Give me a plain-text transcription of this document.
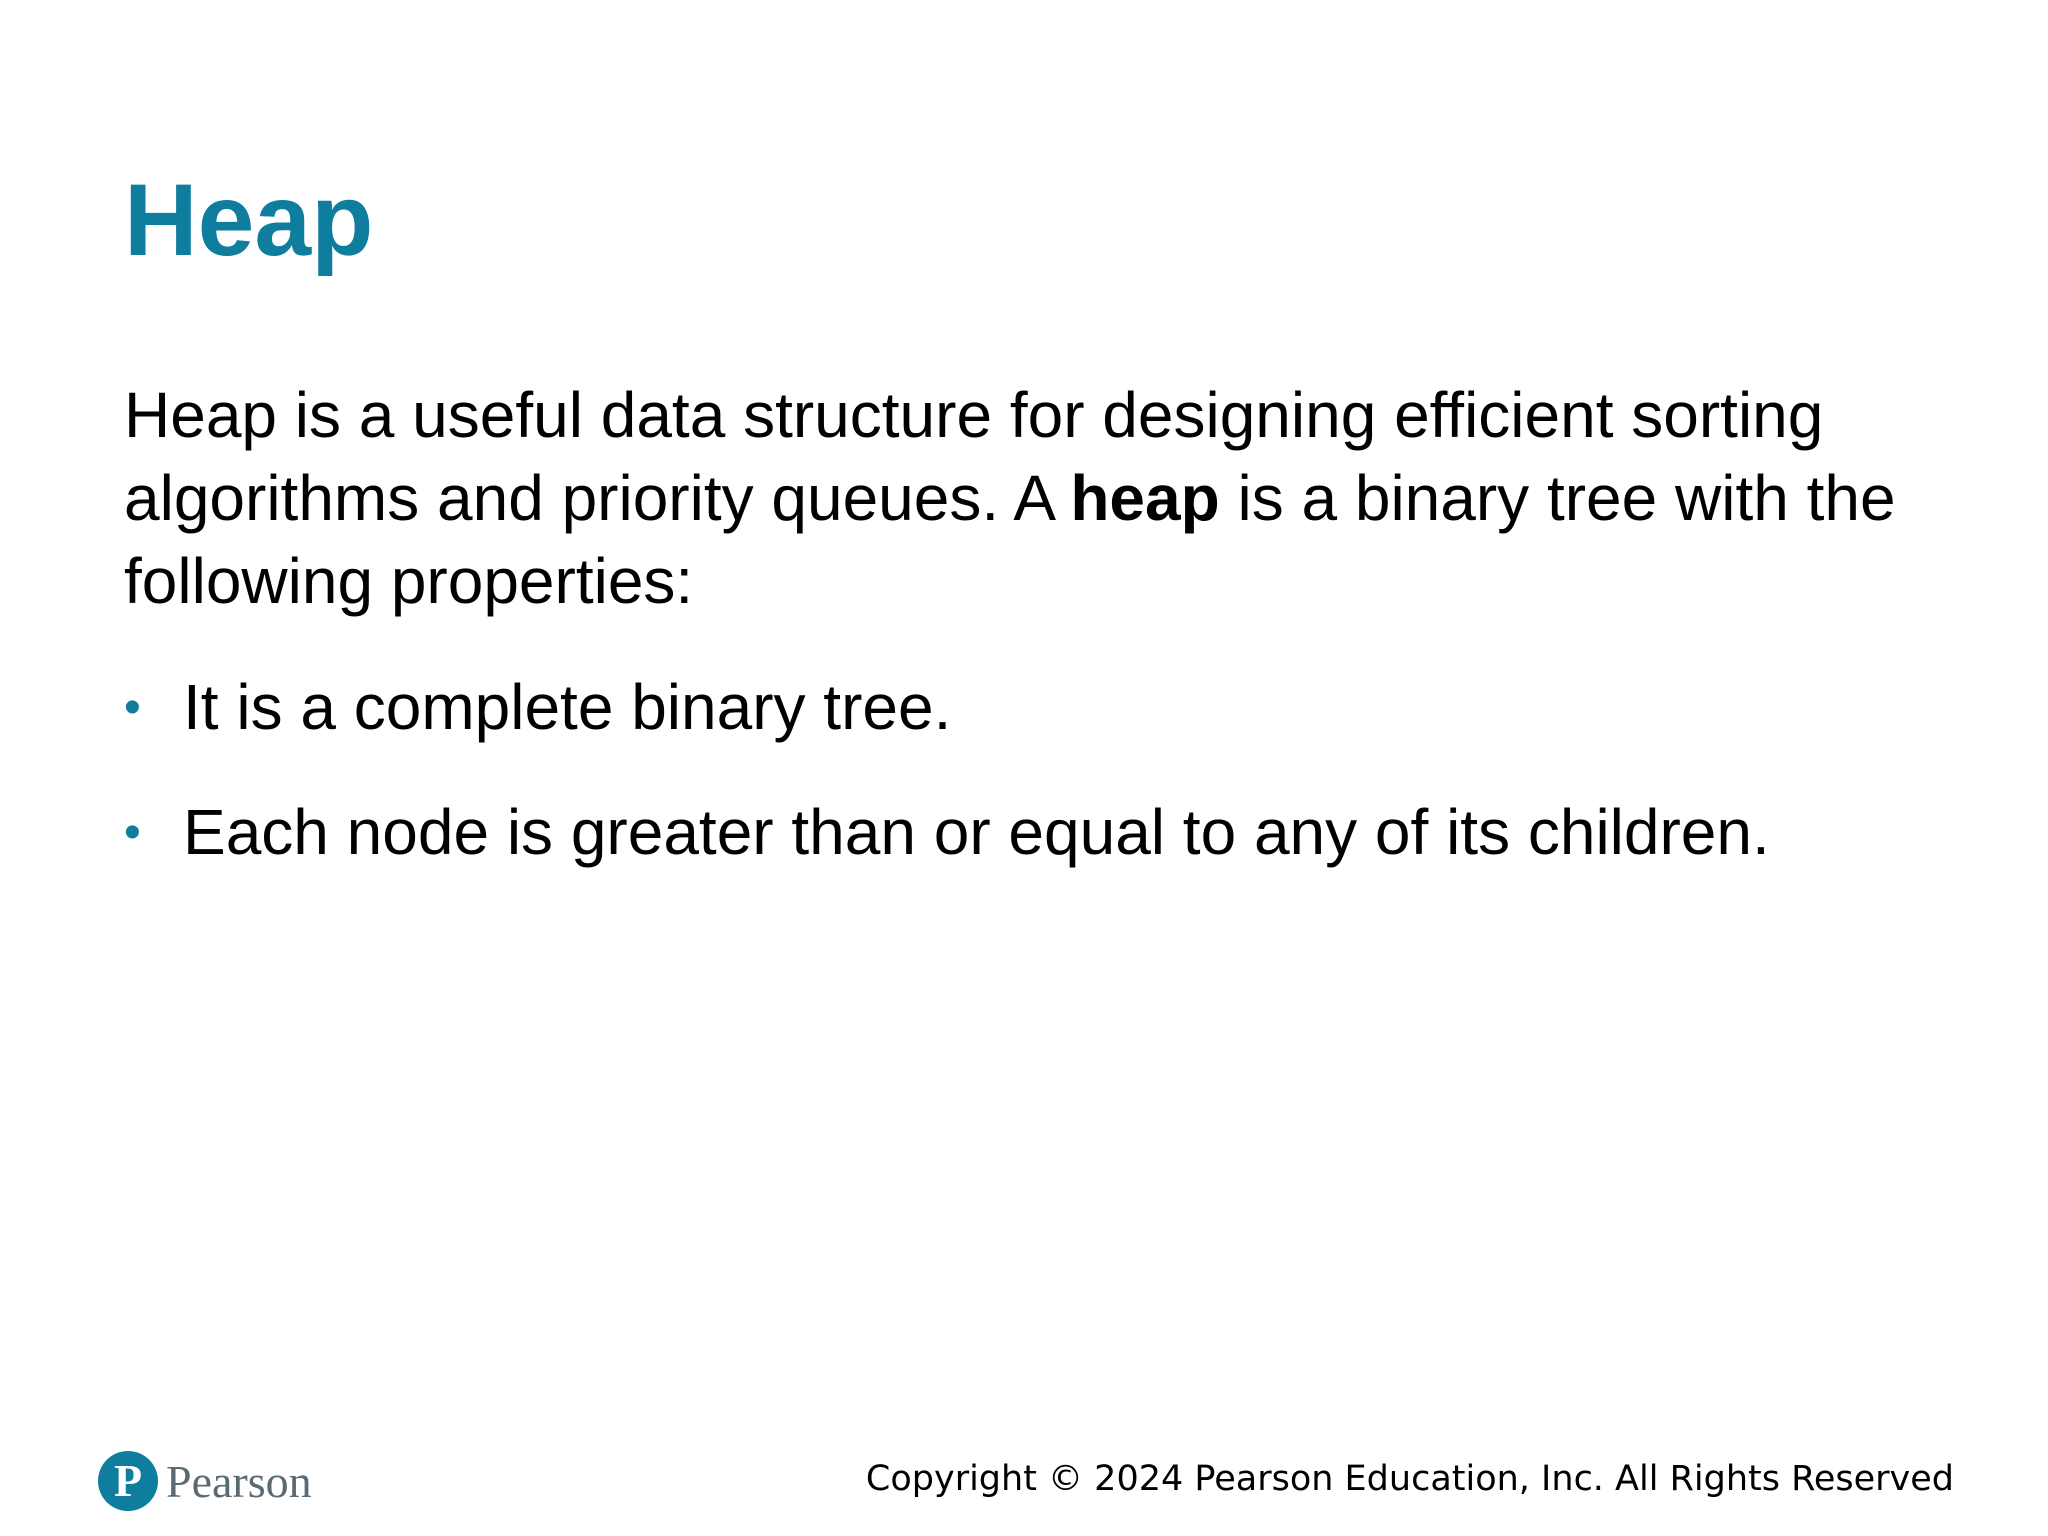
Heap

Heap is a useful data structure for designing efficient sorting algorithms and priority queues. A heap is a binary tree with the following properties:

• It is a complete binary tree.
• Each node is greater than or equal to any of its children.
P Pearson	Copyright © 2024 Pearson Education, Inc. All Rights Reserved
